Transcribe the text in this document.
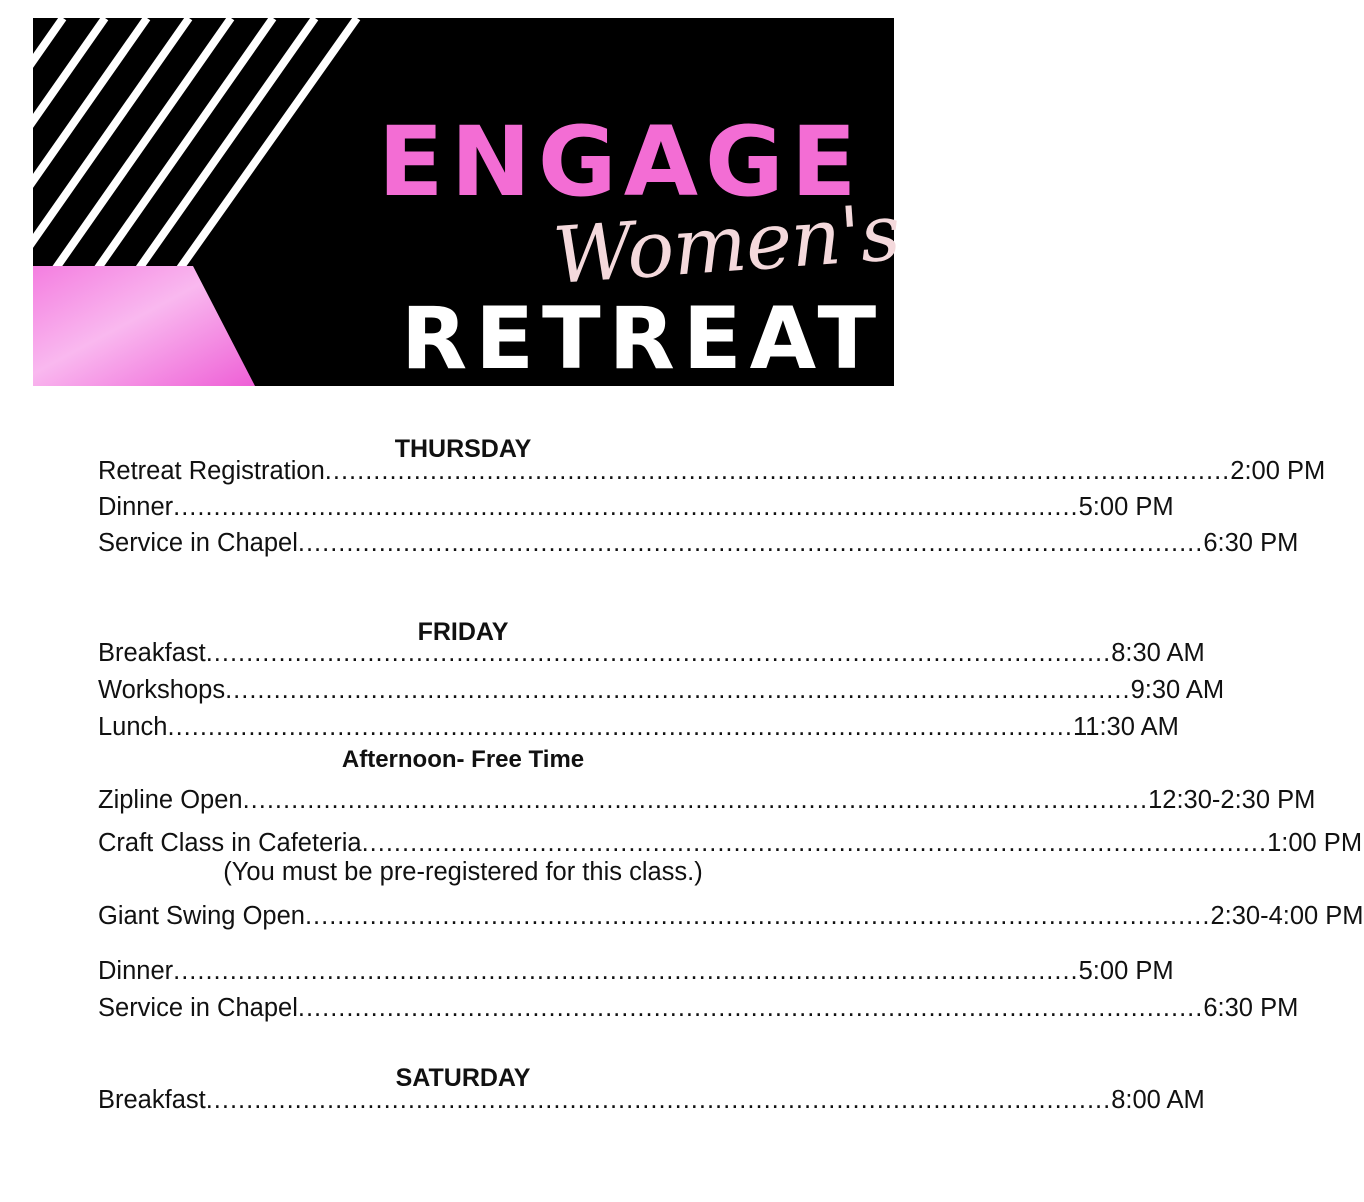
ENGAGE
Women's
RETREAT
THURSDAY
Retreat Registration ................................................................................................................ 2:00 PM
Dinner ................................................................................................................ 5:00 PM
Service in Chapel ................................................................................................................ 6:30 PM
FRIDAY
Breakfast ................................................................................................................ 8:30 AM
Workshops ................................................................................................................ 9:30 AM
Lunch ................................................................................................................ 11:30 AM
Afternoon- Free Time
Zipline Open ................................................................................................................ 12:30-2:30 PM
Craft Class in Cafeteria ................................................................................................................ 1:00 PM
(You must be pre-registered for this class.)
Giant Swing Open ................................................................................................................ 2:30-4:00 PM
Dinner ................................................................................................................ 5:00 PM
Service in Chapel ................................................................................................................ 6:30 PM
SATURDAY
Breakfast ................................................................................................................ 8:00 AM
